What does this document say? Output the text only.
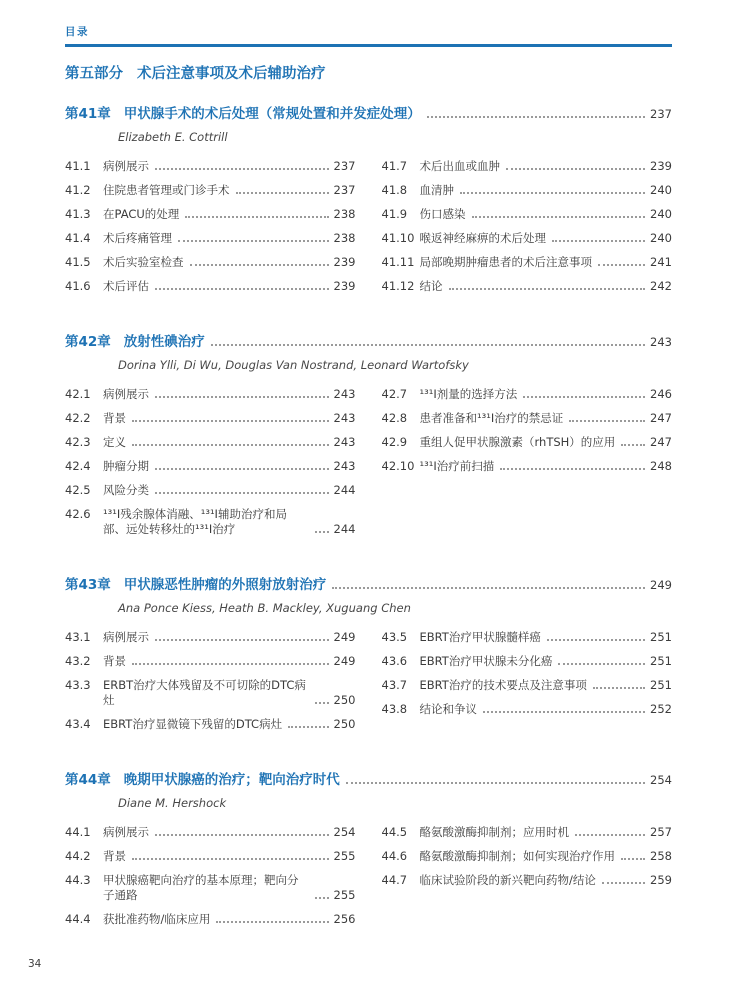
目录
第五部分 术后注意事项及术后辅助治疗
第41章 甲状腺手术的术后处理（常规处置和并发症处理）	237
Elizabeth E. Cottrill
41.1	病例展示	237
41.2	住院患者管理或门诊手术	237
41.3	在PACU的处理	238
41.4	术后疼痛管理	238
41.5	术后实验室检查	239
41.6	术后评估	239
41.7	术后出血或血肿	239
41.8	血清肿	240
41.9	伤口感染	240
41.10 喉返神经麻痹的术后处理	240
41.11 局部晚期肿瘤患者的术后注意事项	241
41.12 结论	242
第42章 放射性碘治疗	243
Dorina Ylli, Di Wu, Douglas Van Nostrand, Leonard Wartofsky
42.1	病例展示	243
42.2	背景	243
42.3	定义	243
42.4	肿瘤分期	243
42.5	风险分类	244
42.6	¹³¹I残余腺体消融、¹³¹I辅助治疗和局部、远处转移灶的¹³¹I治疗	244
42.7	¹³¹I剂量的选择方法	246
42.8	患者准备和¹³¹I治疗的禁忌证	247
42.9	重组人促甲状腺激素（rhTSH）的应用	247
42.10 ¹³¹I治疗前扫描	248
第43章 甲状腺恶性肿瘤的外照射放射治疗	249
Ana Ponce Kiess, Heath B. Mackley, Xuguang Chen
43.1	病例展示	249
43.2	背景	249
43.3	ERBT治疗大体残留及不可切除的DTC病灶	250
43.4	EBRT治疗显微镜下残留的DTC病灶	250
43.5	EBRT治疗甲状腺髓样癌	251
43.6	EBRT治疗甲状腺未分化癌	251
43.7	EBRT治疗的技术要点及注意事项	251
43.8	结论和争议	252
第44章 晚期甲状腺癌的治疗；靶向治疗时代	254
Diane M. Hershock
44.1	病例展示	254
44.2	背景	255
44.3	甲状腺癌靶向治疗的基本原理；靶向分子通路	255
44.4	获批准药物/临床应用	256
44.5	酪氨酸激酶抑制剂；应用时机	257
44.6	酪氨酸激酶抑制剂；如何实现治疗作用	258
44.7	临床试验阶段的新兴靶向药物/结论	259
34
